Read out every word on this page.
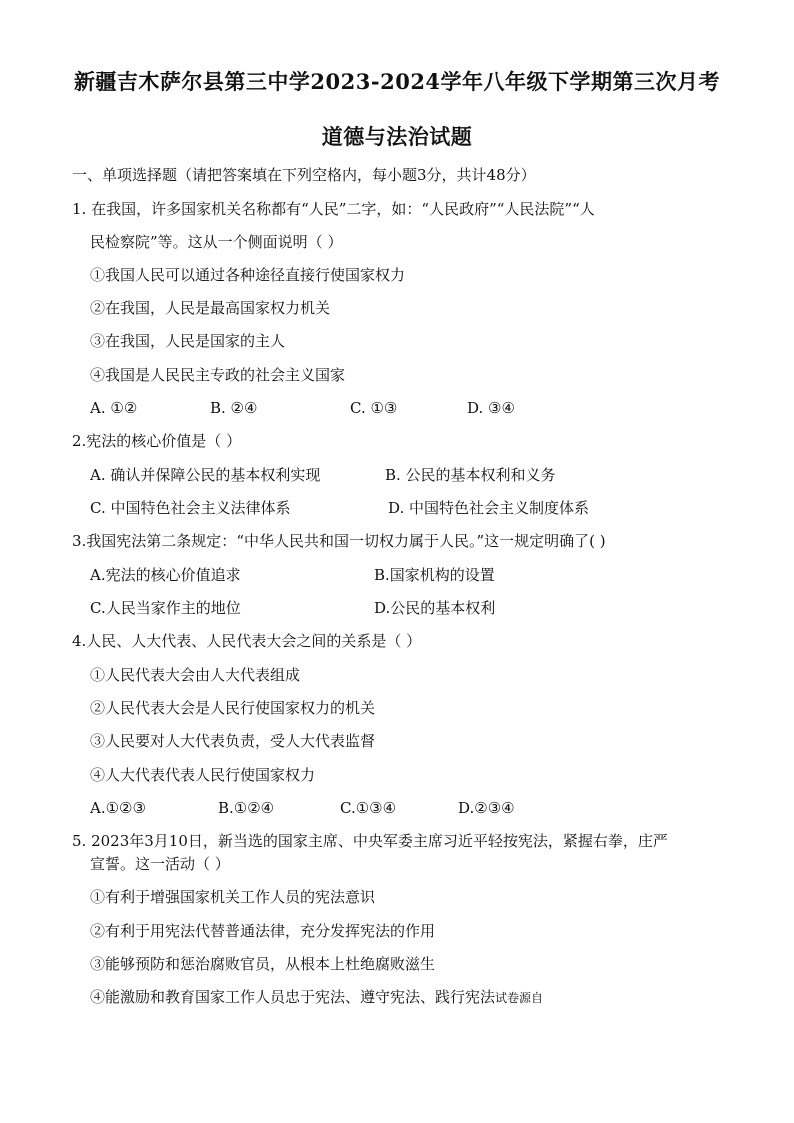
新疆吉木萨尔县第三中学2023-2024学年八年级下学期第三次月考
道德与法治试题
一、单项选择题（请把答案填在下列空格内，每小题3分，共计48分）
1. 在我国，许多国家机关名称都有“人民”二字，如：“人民政府”“人民法院”“人
民检察院”等。这从一个侧面说明（ ）
①我国人民可以通过各种途径直接行使国家权力
②在我国，人民是最高国家权力机关
③在我国，人民是国家的主人
④我国是人民民主专政的社会主义国家
A. ①②	B. ②④	C. ①③	D. ③④
2.宪法的核心价值是（ ）
A. 确认并保障公民的基本权利实现	B. 公民的基本权利和义务
C. 中国特色社会主义法律体系	D. 中国特色社会主义制度体系
3.我国宪法第二条规定：“中华人民共和国一切权力属于人民。”这一规定明确了( )
A.宪法的核心价值追求	B.国家机构的设置
C.人民当家作主的地位	D.公民的基本权利
4.人民、人大代表、人民代表大会之间的关系是（ ）
①人民代表大会由人大代表组成
②人民代表大会是人民行使国家权力的机关
③人民要对人大代表负责，受人大代表监督
④人大代表代表人民行使国家权力
A.①②③	B.①②④	C.①③④	D.②③④
5. 2023年3月10日，新当选的国家主席、中央军委主席习近平轻按宪法，紧握右拳，庄严
宣誓。这一活动（ ）
①有利于增强国家机关工作人员的宪法意识
②有利于用宪法代替普通法律，充分发挥宪法的作用
③能够预防和惩治腐败官员，从根本上杜绝腐败滋生
④能激励和教育国家工作人员忠于宪法、遵守宪法、践行宪法试卷源自
